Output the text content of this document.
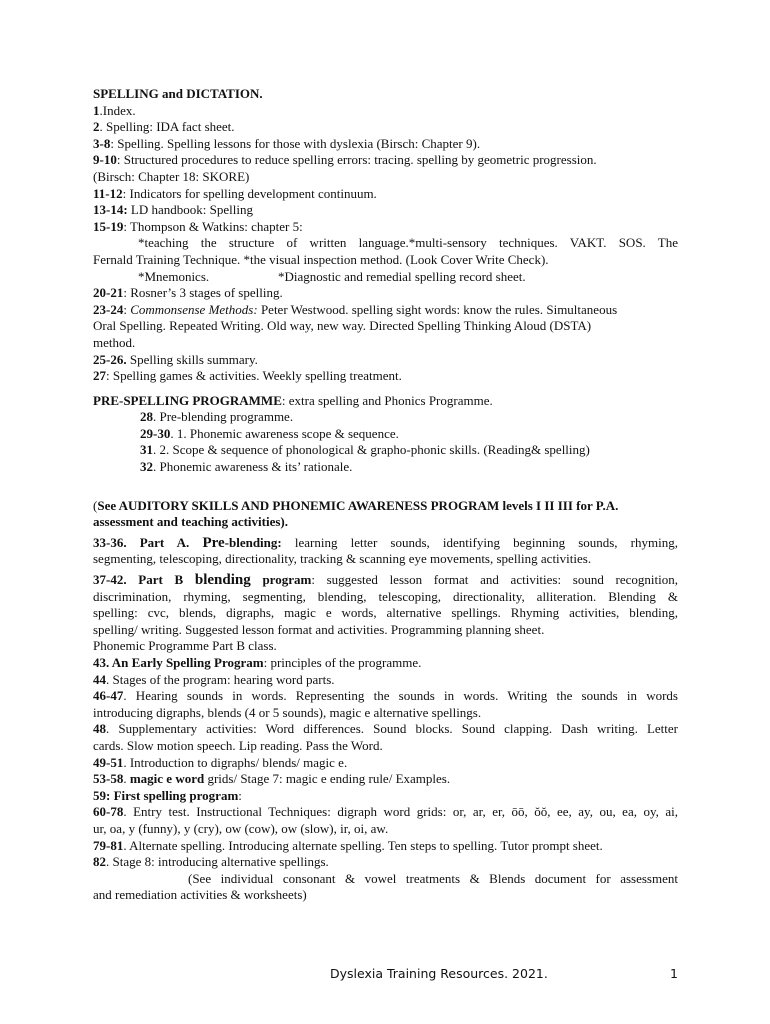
SPELLING and DICTATION.
1.Index.
2. Spelling: IDA fact sheet.
3-8: Spelling. Spelling lessons for those with dyslexia (Birsch: Chapter 9).
9-10: Structured procedures to reduce spelling errors: tracing. spelling by geometric progression.
(Birsch: Chapter 18: SKORE)
11-12: Indicators for spelling development continuum.
13-14: LD handbook: Spelling
15-19: Thompson & Watkins: chapter 5:
*teaching the structure of written language.*multi-sensory techniques. VAKT. SOS. The
Fernald Training Technique. *the visual inspection method. (Look Cover Write Check).
*Mnemonics.	*Diagnostic and remedial spelling record sheet.
20-21: Rosner’s 3 stages of spelling.
23-24: Commonsense Methods: Peter Westwood. spelling sight words: know the rules. Simultaneous
Oral Spelling. Repeated Writing. Old way, new way. Directed Spelling Thinking Aloud (DSTA)
method.
25-26. Spelling skills summary.
27: Spelling games & activities. Weekly spelling treatment.
PRE-SPELLING PROGRAMME: extra spelling and Phonics Programme.
28. Pre-blending programme.
29-30. 1. Phonemic awareness scope & sequence.
31. 2. Scope & sequence of phonological & grapho-phonic skills. (Reading& spelling)
32. Phonemic awareness & its’ rationale.
(See AUDITORY SKILLS AND PHONEMIC AWARENESS PROGRAM levels I II III for P.A.
assessment and teaching activities).
33-36. Part A. Pre-blending: learning letter sounds, identifying beginning sounds, rhyming,
segmenting, telescoping, directionality, tracking & scanning eye movements, spelling activities.
37-42. Part B blending program: suggested lesson format and activities: sound recognition,
discrimination, rhyming, segmenting, blending, telescoping, directionality, alliteration. Blending &
spelling: cvc, blends, digraphs, magic e words, alternative spellings. Rhyming activities, blending,
spelling/ writing. Suggested lesson format and activities. Programming planning sheet.
Phonemic Programme Part B class.
43. An Early Spelling Program: principles of the programme.
44. Stages of the program: hearing word parts.
46-47. Hearing sounds in words. Representing the sounds in words. Writing the sounds in words
introducing digraphs, blends (4 or 5 sounds), magic e alternative spellings.
48. Supplementary activities: Word differences. Sound blocks. Sound clapping. Dash writing. Letter
cards. Slow motion speech. Lip reading. Pass the Word.
49-51. Introduction to digraphs/ blends/ magic e.
53-58. magic e word grids/ Stage 7: magic e ending rule/ Examples.
59: First spelling program:
60-78. Entry test. Instructional Techniques: digraph word grids: or, ar, er, ōō, ŏŏ, ee, ay, ou, ea, oy, ai,
ur, oa, y (funny), y (cry), ow (cow), ow (slow), ir, oi, aw.
79-81. Alternate spelling. Introducing alternate spelling. Ten steps to spelling. Tutor prompt sheet.
82. Stage 8: introducing alternative spellings.
(See individual consonant & vowel treatments & Blends document for assessment
and remediation activities & worksheets)
Dyslexia Training Resources. 2021.	1
